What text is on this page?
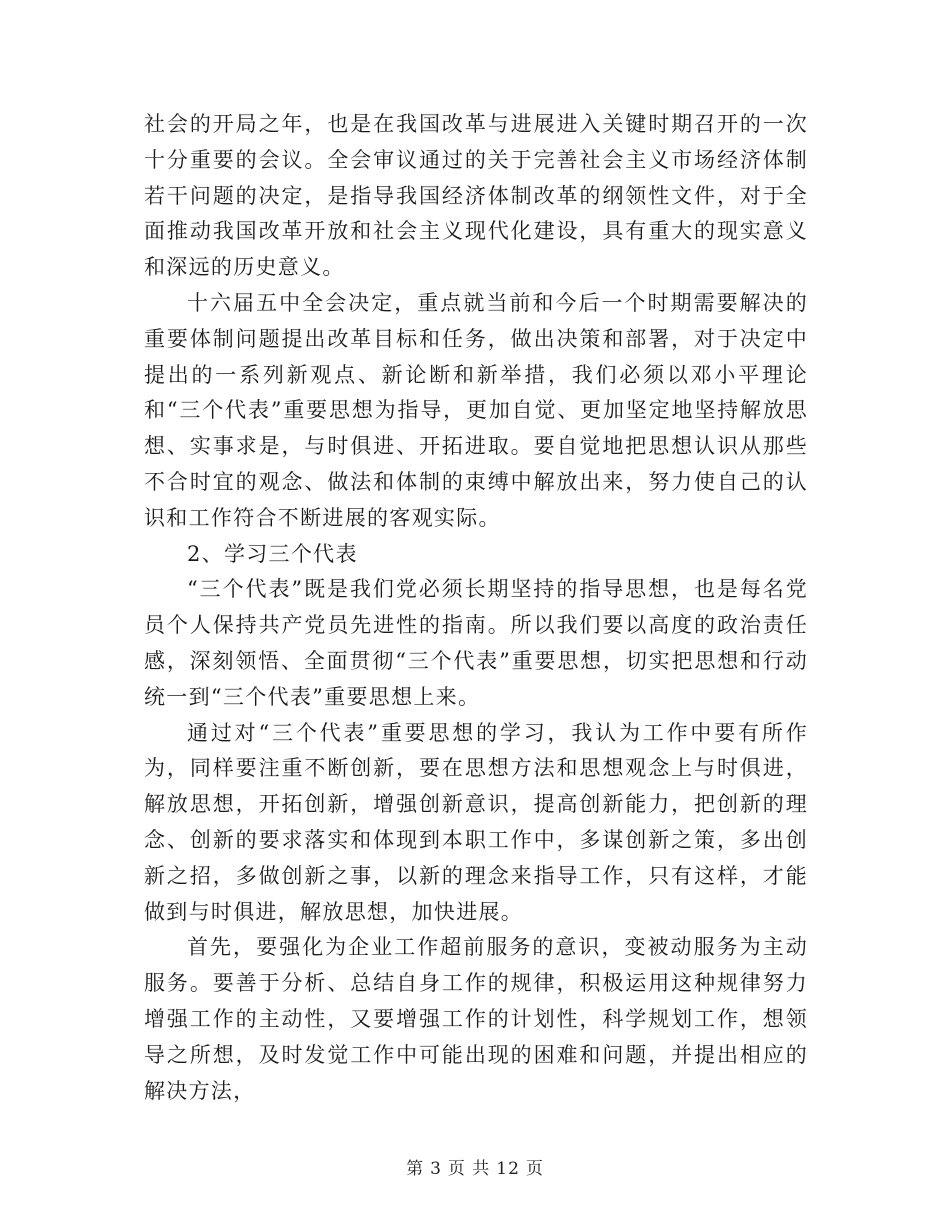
社会的开局之年，也是在我国改革与进展进入关键时期召开的一次十分重要的会议。全会审议通过的关于完善社会主义市场经济体制若干问题的决定，是指导我国经济体制改革的纲领性文件，对于全面推动我国改革开放和社会主义现代化建设，具有重大的现实意义和深远的历史意义。

十六届五中全会决定，重点就当前和今后一个时期需要解决的重要体制问题提出改革目标和任务，做出决策和部署，对于决定中提出的一系列新观点、新论断和新举措，我们必须以邓小平理论和“三个代表”重要思想为指导，更加自觉、更加坚定地坚持解放思想、实事求是，与时俱进、开拓进取。要自觉地把思想认识从那些不合时宜的观念、做法和体制的束缚中解放出来，努力使自己的认识和工作符合不断进展的客观实际。

2、学习三个代表

“三个代表”既是我们党必须长期坚持的指导思想，也是每名党员个人保持共产党员先进性的指南。所以我们要以高度的政治责任感，深刻领悟、全面贯彻“三个代表”重要思想，切实把思想和行动统一到“三个代表”重要思想上来。

通过对“三个代表”重要思想的学习，我认为工作中要有所作为，同样要注重不断创新，要在思想方法和思想观念上与时俱进，解放思想，开拓创新，增强创新意识，提高创新能力，把创新的理念、创新的要求落实和体现到本职工作中，多谋创新之策，多出创新之招，多做创新之事，以新的理念来指导工作，只有这样，才能做到与时俱进，解放思想，加快进展。

首先，要强化为企业工作超前服务的意识，变被动服务为主动服务。要善于分析、总结自身工作的规律，积极运用这种规律努力增强工作的主动性，又要增强工作的计划性，科学规划工作，想领导之所想，及时发觉工作中可能出现的困难和问题，并提出相应的解决方法，

第 3 页 共 12 页
